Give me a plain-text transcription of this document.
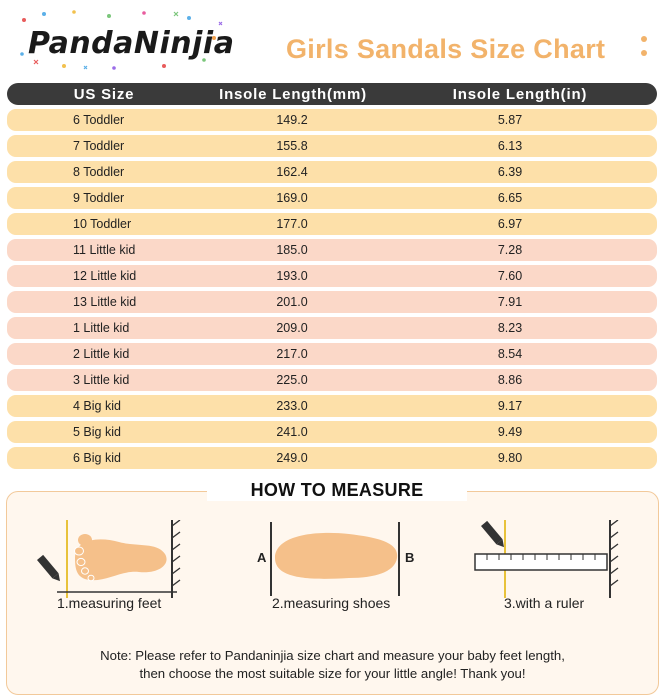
PandaNinjia Girls Sandals Size Chart
US Size	Insole Length(mm)	Insole Length(in)
6 Toddler	149.2	5.87
7 Toddler	155.8	6.13
8 Toddler	162.4	6.39
9 Toddler	169.0	6.65
10 Toddler	177.0	6.97
11 Little kid	185.0	7.28
12 Little kid	193.0	7.60
13 Little kid	201.0	7.91
1 Little kid	209.0	8.23
2 Little kid	217.0	8.54
3 Little kid	225.0	8.86
4 Big kid	233.0	9.17
5 Big kid	241.0	9.49
6 Big kid	249.0	9.80
HOW TO MEASURE
1.measuring feet
A	B
2.measuring shoes	3.with a ruler
Note: Please refer to Pandaninjia size chart and measure your baby feet length,
then choose the most suitable size for your little angle! Thank you!
